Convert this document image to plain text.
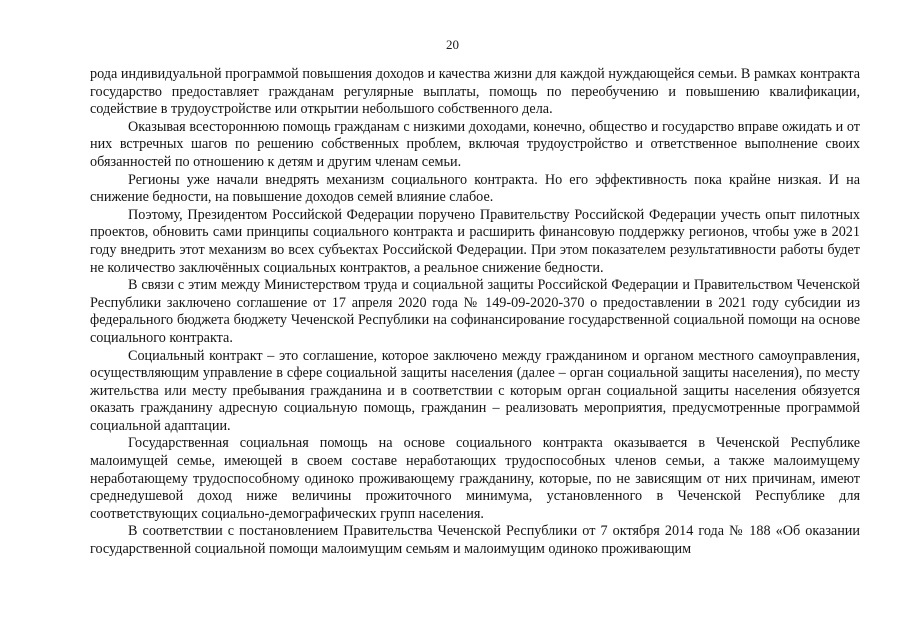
20

рода индивидуальной программой повышения доходов и качества жизни для каждой нуждающейся семьи. В рамках контракта государство предоставляет гражданам регулярные выплаты, помощь по переобучению и повышению квалификации, содействие в трудоустройстве или открытии небольшого собственного дела.

Оказывая всестороннюю помощь гражданам с низкими доходами, конечно, общество и государство вправе ожидать и от них встречных шагов по решению собственных проблем, включая трудоустройство и ответственное выполнение своих обязанностей по отношению к детям и другим членам семьи.

Регионы уже начали внедрять механизм социального контракта. Но его эффективность пока крайне низкая. И на снижение бедности, на повышение доходов семей влияние слабое.

Поэтому, Президентом Российской Федерации поручено Правительству Российской Федерации учесть опыт пилотных проектов, обновить сами принципы социального контракта и расширить финансовую поддержку регионов, чтобы уже в 2021 году внедрить этот механизм во всех субъектах Российской Федерации. При этом показателем результативности работы будет не количество заключённых социальных контрактов, а реальное снижение бедности.

В связи с этим между Министерством труда и социальной защиты Российской Федерации и Правительством Чеченской Республики заключено соглашение от 17 апреля 2020 года № 149-09-2020-370 о предоставлении в 2021 году субсидии из федерального бюджета бюджету Чеченской Республики на софинансирование государственной социальной помощи на основе социального контракта.

Социальный контракт – это соглашение, которое заключено между гражданином и органом местного самоуправления, осуществляющим управление в сфере социальной защиты населения (далее – орган социальной защиты населения), по месту жительства или месту пребывания гражданина и в соответствии с которым орган социальной защиты населения обязуется оказать гражданину адресную социальную помощь, гражданин – реализовать мероприятия, предусмотренные программой социальной адаптации.

Государственная социальная помощь на основе социального контракта оказывается в Чеченской Республике малоимущей семье, имеющей в своем составе неработающих трудоспособных членов семьи, а также малоимущему неработающему трудоспособному одиноко проживающему гражданину, которые, по не зависящим от них причинам, имеют среднедушевой доход ниже величины прожиточного минимума, установленного в Чеченской Республике для соответствующих социально-демографических групп населения.

В соответствии с постановлением Правительства Чеченской Республики от 7 октября 2014 года № 188 «Об оказании государственной социальной помощи малоимущим семьям и малоимущим одиноко проживающим
